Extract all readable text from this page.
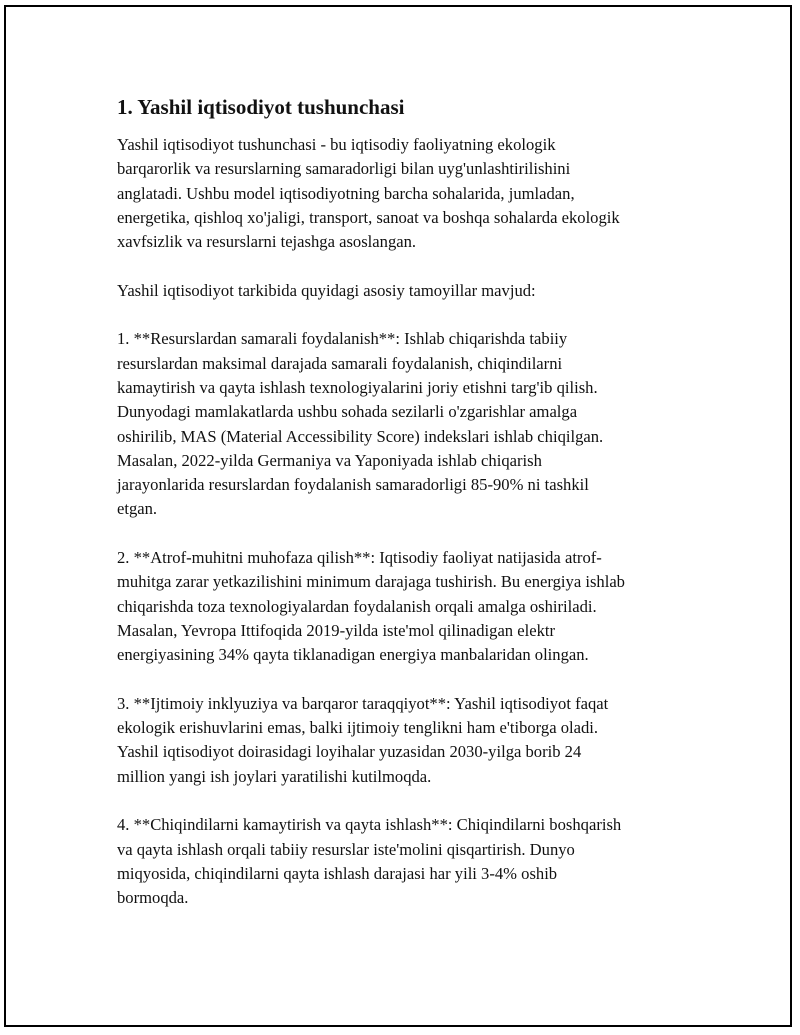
1. Yashil iqtisodiyot tushunchasi

Yashil iqtisodiyot tushunchasi - bu iqtisodiy faoliyatning ekologik
barqarorlik va resurslarning samaradorligi bilan uyg'unlashtirilishini
anglatadi. Ushbu model iqtisodiyotning barcha sohalarida, jumladan,
energetika, qishloq xo'jaligi, transport, sanoat va boshqa sohalarda ekologik
xavfsizlik va resurslarni tejashga asoslangan.

Yashil iqtisodiyot tarkibida quyidagi asosiy tamoyillar mavjud:

1. **Resurslardan samarali foydalanish**: Ishlab chiqarishda tabiiy
resurslardan maksimal darajada samarali foydalanish, chiqindilarni
kamaytirish va qayta ishlash texnologiyalarini joriy etishni targ'ib qilish.
Dunyodagi mamlakatlarda ushbu sohada sezilarli o'zgarishlar amalga
oshirilib, MAS (Material Accessibility Score) indekslari ishlab chiqilgan.
Masalan, 2022-yilda Germaniya va Yaponiyada ishlab chiqarish
jarayonlarida resurslardan foydalanish samaradorligi 85-90% ni tashkil
etgan.

2. **Atrof-muhitni muhofaza qilish**: Iqtisodiy faoliyat natijasida atrof-
muhitga zarar yetkazilishini minimum darajaga tushirish. Bu energiya ishlab
chiqarishda toza texnologiyalardan foydalanish orqali amalga oshiriladi.
Masalan, Yevropa Ittifoqida 2019-yilda iste'mol qilinadigan elektr
energiyasining 34% qayta tiklanadigan energiya manbalaridan olingan.

3. **Ijtimoiy inklyuziya va barqaror taraqqiyot**: Yashil iqtisodiyot faqat
ekologik erishuvlarini emas, balki ijtimoiy tenglikni ham e'tiborga oladi.
Yashil iqtisodiyot doirasidagi loyihalar yuzasidan 2030-yilga borib 24
million yangi ish joylari yaratilishi kutilmoqda.

4. **Chiqindilarni kamaytirish va qayta ishlash**: Chiqindilarni boshqarish
va qayta ishlash orqali tabiiy resurslar iste'molini qisqartirish. Dunyo
miqyosida, chiqindilarni qayta ishlash darajasi har yili 3-4% oshib
bormoqda.
